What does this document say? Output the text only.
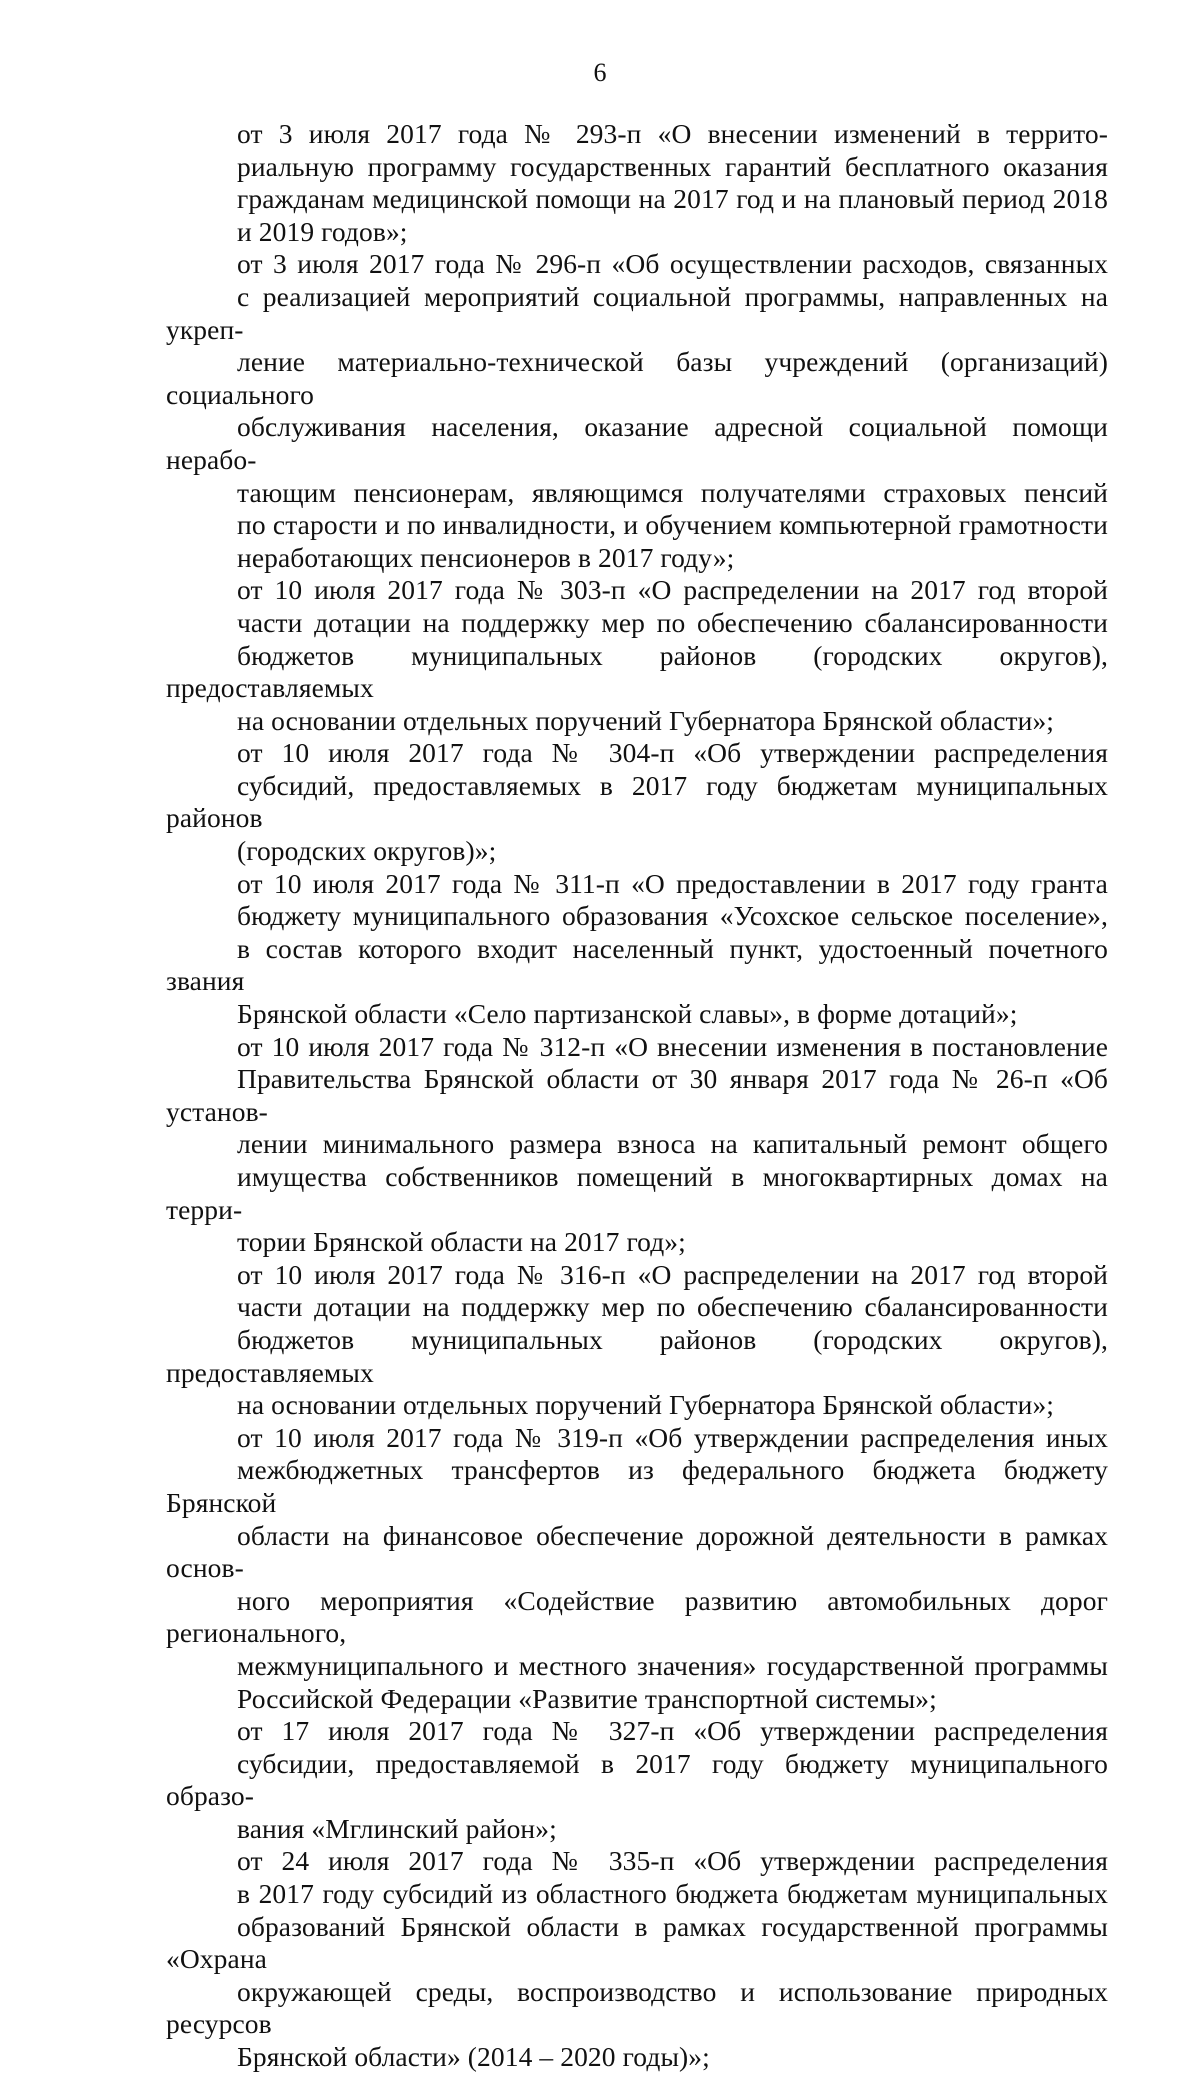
6
от 3 июля 2017 года № 293-п «О внесении изменений в террито-
риальную программу государственных гарантий бесплатного оказания
гражданам медицинской помощи на 2017 год и на плановый период 2018
и 2019 годов»;
от 3 июля 2017 года № 296-п «Об осуществлении расходов, связанных
с реализацией мероприятий социальной программы, направленных на укреп-
ление материально-технической базы учреждений (организаций) социального
обслуживания населения, оказание адресной социальной помощи нерабо-
тающим пенсионерам, являющимся получателями страховых пенсий
по старости и по инвалидности, и обучением компьютерной грамотности
неработающих пенсионеров в 2017 году»;
от 10 июля 2017 года № 303-п «О распределении на 2017 год второй
части дотации на поддержку мер по обеспечению сбалансированности
бюджетов муниципальных районов (городских округов), предоставляемых
на основании отдельных поручений Губернатора Брянской области»;
от 10 июля 2017 года № 304-п «Об утверждении распределения
субсидий, предоставляемых в 2017 году бюджетам муниципальных районов
(городских округов)»;
от 10 июля 2017 года № 311-п «О предоставлении в 2017 году гранта
бюджету муниципального образования «Усохское сельское поселение»,
в состав которого входит населенный пункт, удостоенный почетного звания
Брянской области «Село партизанской славы», в форме дотаций»;
от 10 июля 2017 года № 312-п «О внесении изменения в постановление
Правительства Брянской области от 30 января 2017 года № 26-п «Об установ-
лении минимального размера взноса на капитальный ремонт общего
имущества собственников помещений в многоквартирных домах на терри-
тории Брянской области на 2017 год»;
от 10 июля 2017 года № 316-п «О распределении на 2017 год второй
части дотации на поддержку мер по обеспечению сбалансированности
бюджетов муниципальных районов (городских округов), предоставляемых
на основании отдельных поручений Губернатора Брянской области»;
от 10 июля 2017 года № 319-п «Об утверждении распределения иных
межбюджетных трансфертов из федерального бюджета бюджету Брянской
области на финансовое обеспечение дорожной деятельности в рамках основ-
ного мероприятия «Содействие развитию автомобильных дорог регионального,
межмуниципального и местного значения» государственной программы
Российской Федерации «Развитие транспортной системы»;
от 17 июля 2017 года № 327-п «Об утверждении распределения
субсидии, предоставляемой в 2017 году бюджету муниципального образо-
вания «Мглинский район»;
от 24 июля 2017 года № 335-п «Об утверждении распределения
в 2017 году субсидий из областного бюджета бюджетам муниципальных
образований Брянской области в рамках государственной программы «Охрана
окружающей среды, воспроизводство и использование природных ресурсов
Брянской области» (2014 – 2020 годы)»;
